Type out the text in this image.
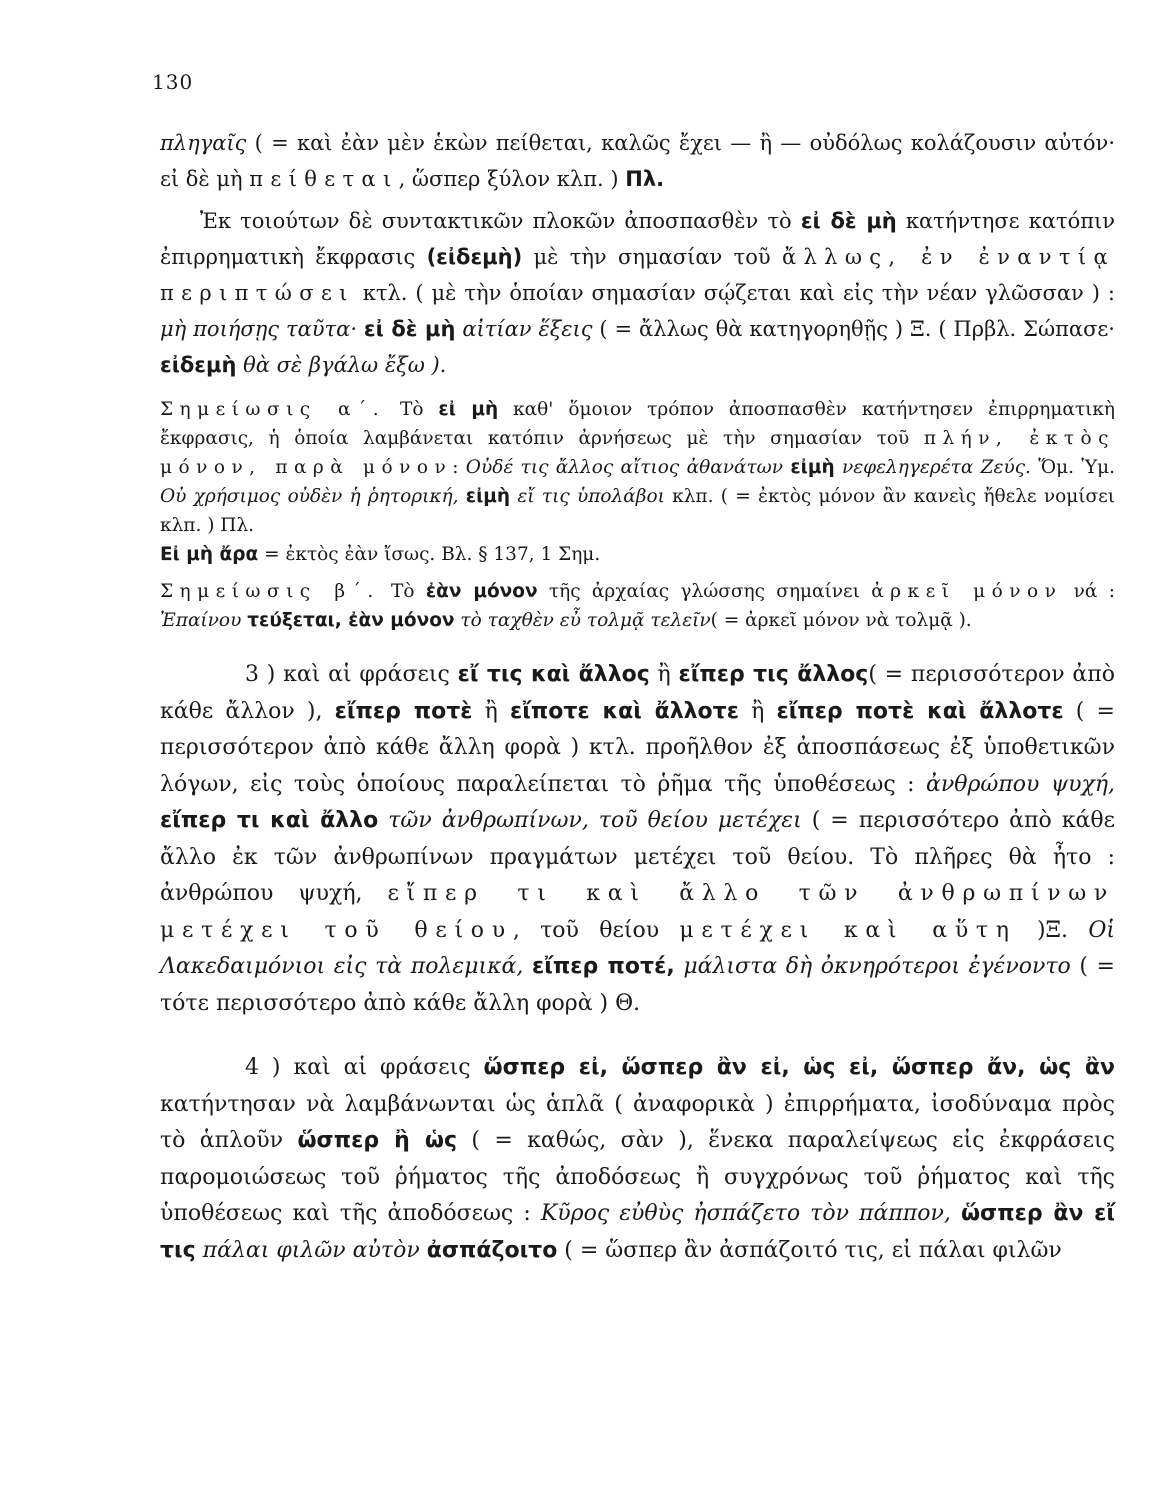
130

πληγαῖς ( = καὶ ἐὰν μὲν ἑκὼν πείθεται, καλῶς ἔχει — ἢ — οὐδόλως κολάζουσιν αὐτόν· εἰ δὲ μὴ πείθεται, ὥσπερ ξύλον κλπ. ) Πλ.

Ἐκ τοιούτων δὲ συντακτικῶν πλοκῶν ἀποσπασθὲν τὸ εἰ δὲ μὴ κατήντησε κατόπιν ἐπιρρηματικὴ ἔκφρασις (εἰδεμὴ) μὲ τὴν σημασίαν τοῦ ἄλλως, ἐν ἐναντίᾳ περιπτώσει κτλ. ( μὲ τὴν ὁποίαν σημασίαν σῴζεται καὶ εἰς τὴν νέαν γλῶσσαν ) : μὴ ποιήσῃς ταῦτα· εἰ δὲ μὴ αἰτίαν ἕξεις ( = ἄλλως θὰ κατηγορηθῇς ) Ξ. ( Πρβλ. Σώπασε· εἰδεμὴ θὰ σὲ βγάλω ἔξω ).

Σημείωσις α΄. Τὸ εἰ μὴ καθ' ὅμοιον τρόπον ἀποσπασθὲν κατήντησεν ἐπιρρηματικὴ ἔκφρασις, ἡ ὁποία λαμβάνεται κατόπιν ἀρνήσεως μὲ τὴν σημασίαν τοῦ πλήν, ἐκτὸς μόνον, παρὰ μόνον: Οὐδέ τις ἄλλος αἴτιος ἀθανάτων εἰμὴ νεφεληγερέτα Ζεύς. Ὅμ. Ὑμ. Οὐ χρήσιμος οὐδὲν ἡ ῥητορική, εἰμὴ εἴ τις ὑπολάβοι κλπ. ( = ἐκτὸς μόνον ἂν κανεὶς ἤθελε νομίσει κλπ. ) Πλ.
Εἰ μὴ ἄρα = ἐκτὸς ἐὰν ἴσως. Βλ. § 137, 1 Σημ.

Σημείωσις β΄. Τὸ ἐὰν μόνον τῆς ἀρχαίας γλώσσης σημαίνει ἀρκεῖ μόνον νά : Ἐπαίνου τεύξεται, ἐὰν μόνον τὸ ταχθὲν εὖ τολμᾷ τελεῖν( = ἀρκεῖ μόνον νὰ τολμᾷ ).

3 ) καὶ αἱ φράσεις εἴ τις καὶ ἄλλος ἢ εἴπερ τις ἄλλος( = περισσότερον ἀπὸ κάθε ἄλλον ), εἴπερ ποτὲ ἢ εἴποτε καὶ ἄλλοτε ἢ εἴπερ ποτὲ καὶ ἄλλοτε ( = περισσότερον ἀπὸ κάθε ἄλλη φορὰ ) κτλ. προῆλθον ἐξ ἀποσπάσεως ἐξ ὑποθετικῶν λόγων, εἰς τοὺς ὁποίους παραλείπεται τὸ ῥῆμα τῆς ὑποθέσεως : ἀνθρώπου ψυχή, εἴπερ τι καὶ ἄλλο τῶν ἀνθρωπίνων, τοῦ θείου μετέχει ( = περισσότερο ἀπὸ κάθε ἄλλο ἐκ τῶν ἀνθρωπίνων πραγμάτων μετέχει τοῦ θείου. Τὸ πλῆρες θὰ ἦτο : ἀνθρώπου ψυχή, εἴπερ τι καὶ ἄλλο τῶν ἀνθρωπίνων μετέχει τοῦ θείου, τοῦ θείου μετέχει καὶ αὕτη )Ξ. Οἱ Λακεδαιμόνιοι εἰς τὰ πολεμικά, εἴπερ ποτέ, μάλιστα δὴ ὀκνηρότεροι ἐγένοντο ( = τότε περισσότερο ἀπὸ κάθε ἄλλη φορὰ ) Θ.

4 ) καὶ αἱ φράσεις ὥσπερ εἰ, ὥσπερ ἂν εἰ, ὡς εἰ, ὥσπερ ἄν, ὡς ἂν κατήντησαν νὰ λαμβάνωνται ὡς ἁπλᾶ ( ἀναφορικὰ ) ἐπιρρήματα, ἰσοδύναμα πρὸς τὸ ἁπλοῦν ὥσπερ ἢ ὡς ( = καθώς, σὰν ), ἕνεκα παραλείψεως εἰς ἐκφράσεις παρομοιώσεως τοῦ ῥήματος τῆς ἀποδόσεως ἢ συγχρόνως τοῦ ῥήματος καὶ τῆς ὑποθέσεως καὶ τῆς ἀποδόσεως : Κῦρος εὐθὺς ἠσπάζετο τὸν πάππον, ὥσπερ ἂν εἴ τις πάλαι φιλῶν αὐτὸν ἀσπάζοιτο ( = ὥσπερ ἂν ἀσπάζοιτό τις, εἰ πάλαι φιλῶν
